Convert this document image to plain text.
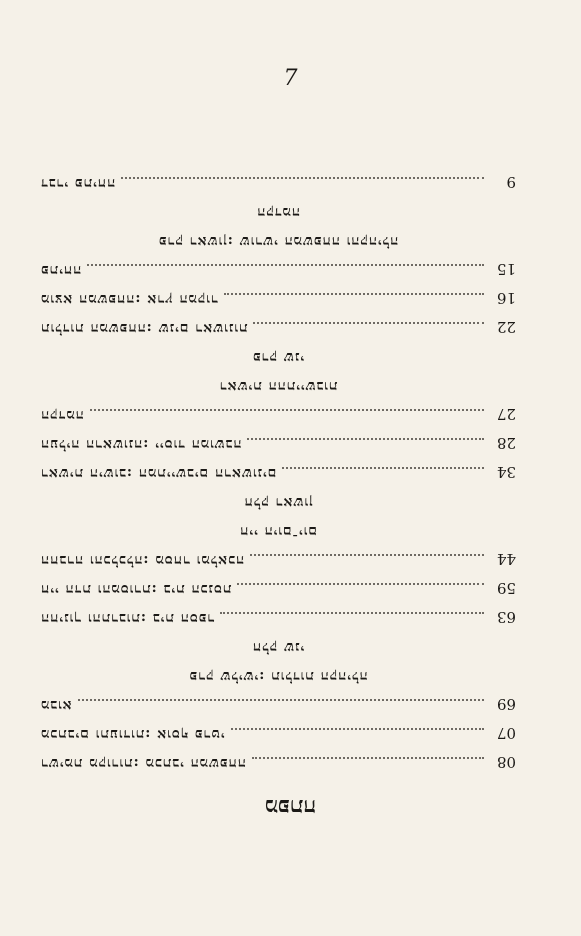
7
08
רשימת מקורות: מכתבי המשפחה
07
מכתבים ותעודות: אוסף פרטי
69
מבוא
פרק שלישי: תולדות הקהילה
חלק שני
63
החינוך והתרבות: בית הספר
59
חיי הדת והמסורת: בית הכנסת
44
החברה והכלכלה: מסחר ומלאכה
חיי היום־יום
חלק ראשון
34
ראשית הישוב: המתיישבים הראשונים
28
העליה הראשונה: ייסוד המושבה
27
הקדמה
ראשית ההתיישבות
פרק שני
22
תולדות המשפחה: שנים ראשונות
16
מוצא המשפחה: ארץ המקור
15
פתיחה
פרק ראשון: שורשי המשפחה והקהילה
הקדמה
9
דברי פתיחה
מפתח
